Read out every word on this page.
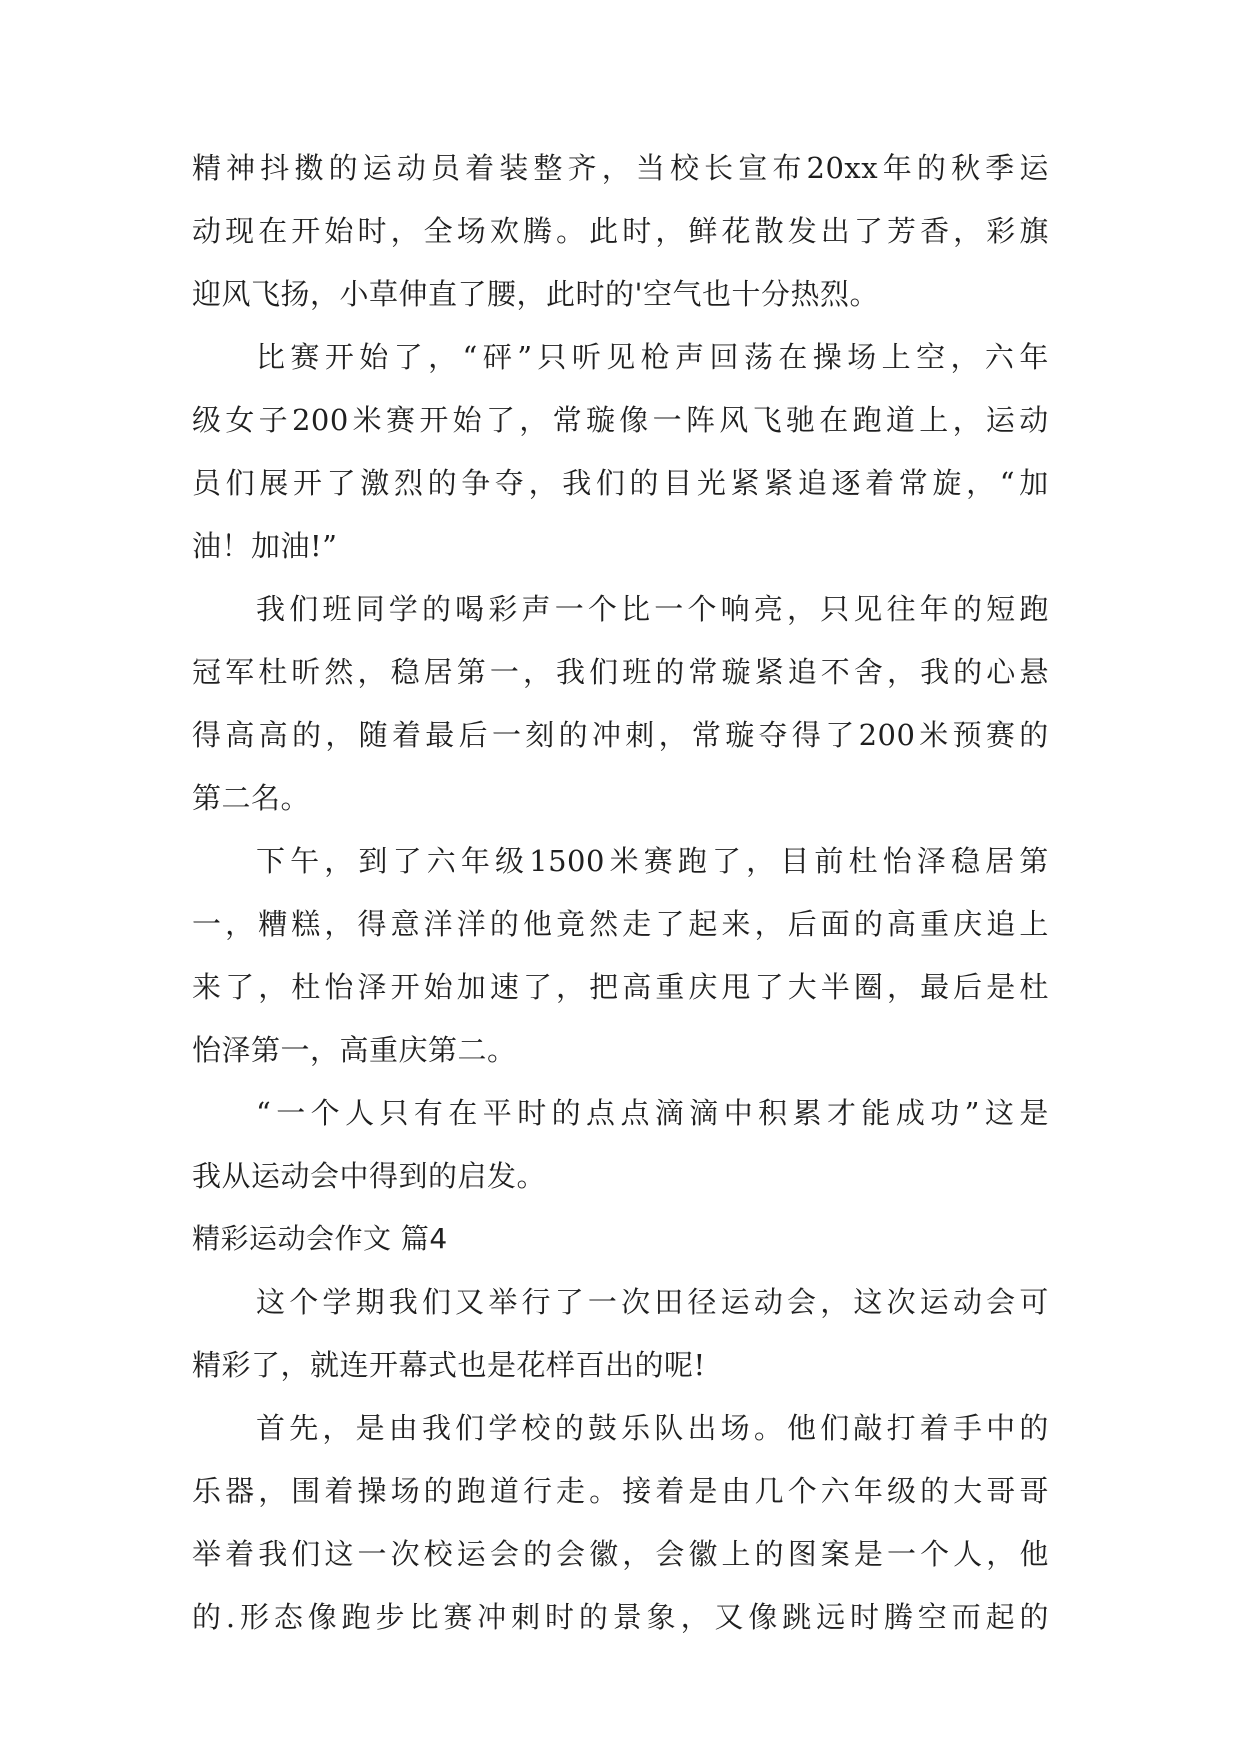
精 神 抖 擞 的 运 动 员 着 装 整 齐 ， 当 校 长 宣 布 20xx 年 的 秋 季 运
动 现 在 开 始 时 ， 全 场 欢 腾 。 此 时 ， 鲜 花 散 发 出 了 芳 香 ， 彩 旗
迎风飞扬，小草伸直了腰，此时的'空气也十分热烈。
比 赛 开 始 了 ， “ 砰 ” 只 听 见 枪 声 回 荡 在 操 场 上 空 ， 六 年
级 女 子 200 米 赛 开 始 了 ， 常 璇 像 一 阵 风 飞 驰 在 跑 道 上 ， 运 动
员 们 展 开 了 激 烈 的 争 夺 ， 我 们 的 目 光 紧 紧 追 逐 着 常 旋 ， “ 加
油！加油!”
我 们 班 同 学 的 喝 彩 声 一 个 比 一 个 响 亮 ， 只 见 往 年 的 短 跑
冠 军 杜 昕 然 ， 稳 居 第 一 ， 我 们 班 的 常 璇 紧 追 不 舍 ， 我 的 心 悬
得 高 高 的 ， 随 着 最 后 一 刻 的 冲 刺 ， 常 璇 夺 得 了 200 米 预 赛 的
第二名。
下 午 ， 到 了 六 年 级 1500 米 赛 跑 了 ， 目 前 杜 怡 泽 稳 居 第
一 ， 糟 糕 ， 得 意 洋 洋 的 他 竟 然 走 了 起 来 ， 后 面 的 高 重 庆 追 上
来 了 ， 杜 怡 泽 开 始 加 速 了 ， 把 高 重 庆 甩 了 大 半 圈 ， 最 后 是 杜
怡泽第一，高重庆第二。
“ 一 个 人 只 有 在 平 时 的 点 点 滴 滴 中 积 累 才 能 成 功 ” 这 是
我从运动会中得到的启发。
精彩运动会作文 篇4
这 个 学 期 我 们 又 举 行 了 一 次 田 径 运 动 会 ， 这 次 运 动 会 可
精彩了，就连开幕式也是花样百出的呢!
首 先 ， 是 由 我 们 学 校 的 鼓 乐 队 出 场 。 他 们 敲 打 着 手 中 的
乐 器 ， 围 着 操 场 的 跑 道 行 走 。 接 着 是 由 几 个 六 年 级 的 大 哥 哥
举 着 我 们 这 一 次 校 运 会 的 会 徽 ， 会 徽 上 的 图 案 是 一 个 人 ， 他
的 . 形 态 像 跑 步 比 赛 冲 刺 时 的 景 象 ， 又 像 跳 远 时 腾 空 而 起 的
